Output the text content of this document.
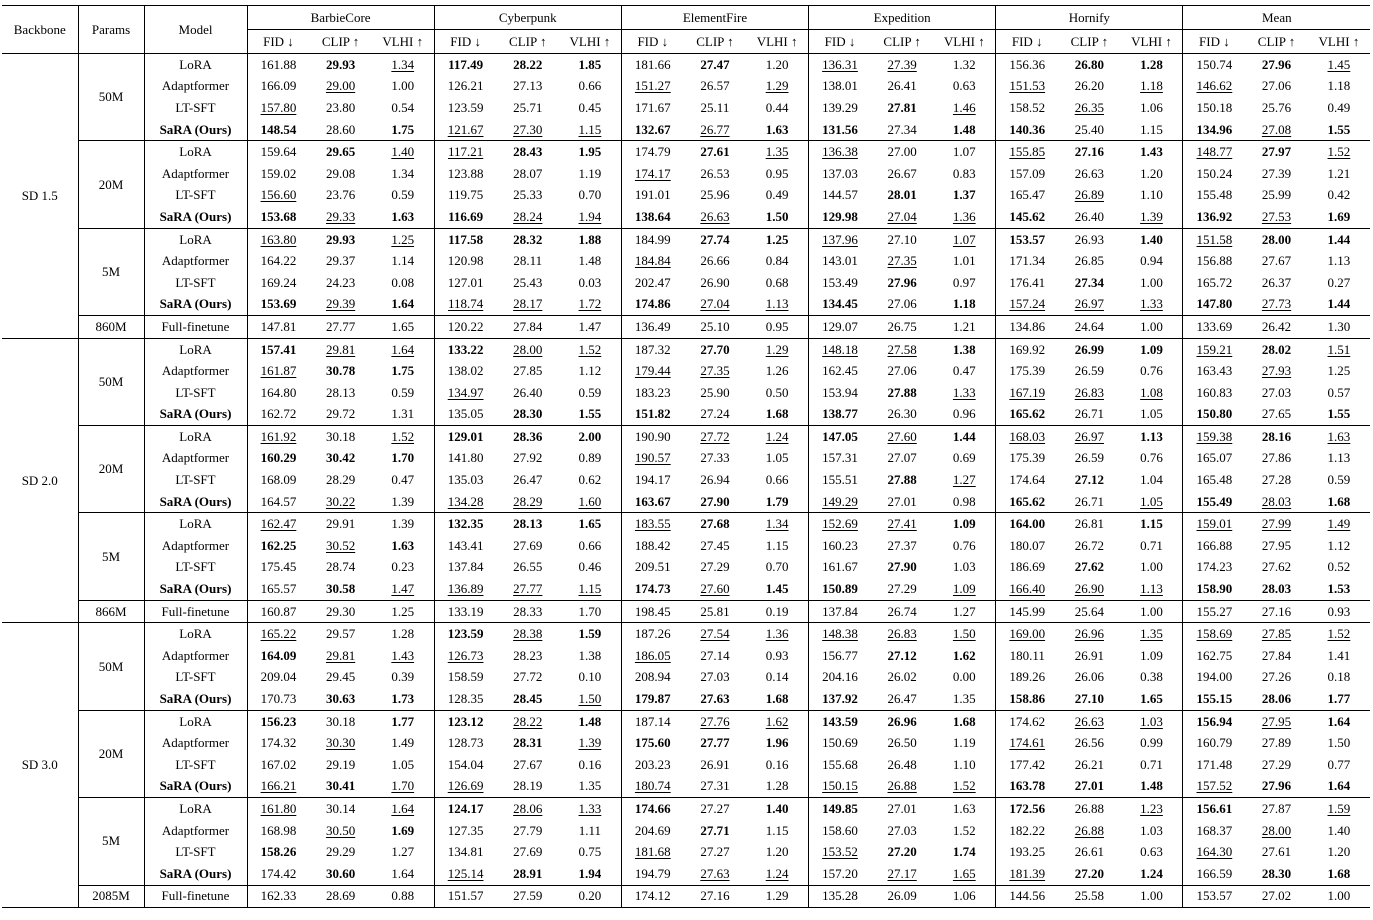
Backbone	Params	Model	BarbieCore			Cyberpunk			ElementFire			Expedition			Hornify			Mean		
			FID ↓	CLIP ↑	VLHI ↑	FID ↓	CLIP ↑	VLHI ↑	FID ↓	CLIP ↑	VLHI ↑	FID ↓	CLIP ↑	VLHI ↑	FID ↓	CLIP ↑	VLHI ↑	FID ↓	CLIP ↑	VLHI ↑
SD 1.5	50M	LoRA	161.88	29.93	1.34	117.49	28.22	1.85	181.66	27.47	1.20	136.31	27.39	1.32	156.36	26.80	1.28	150.74	27.96	1.45
		Adaptformer	166.09	29.00	1.00	126.21	27.13	0.66	151.27	26.57	1.29	138.01	26.41	0.63	151.53	26.20	1.18	146.62	27.06	1.18
		LT-SFT	157.80	23.80	0.54	123.59	25.71	0.45	171.67	25.11	0.44	139.29	27.81	1.46	158.52	26.35	1.06	150.18	25.76	0.49
		SaRA (Ours)	148.54	28.60	1.75	121.67	27.30	1.15	132.67	26.77	1.63	131.56	27.34	1.48	140.36	25.40	1.15	134.96	27.08	1.55
	20M	LoRA	159.64	29.65	1.40	117.21	28.43	1.95	174.79	27.61	1.35	136.38	27.00	1.07	155.85	27.16	1.43	148.77	27.97	1.52
		Adaptformer	159.02	29.08	1.34	123.88	28.07	1.19	174.17	26.53	0.95	137.03	26.67	0.83	157.09	26.63	1.20	150.24	27.39	1.21
		LT-SFT	156.60	23.76	0.59	119.75	25.33	0.70	191.01	25.96	0.49	144.57	28.01	1.37	165.47	26.89	1.10	155.48	25.99	0.42
		SaRA (Ours)	153.68	29.33	1.63	116.69	28.24	1.94	138.64	26.63	1.50	129.98	27.04	1.36	145.62	26.40	1.39	136.92	27.53	1.69
	5M	LoRA	163.80	29.93	1.25	117.58	28.32	1.88	184.99	27.74	1.25	137.96	27.10	1.07	153.57	26.93	1.40	151.58	28.00	1.44
		Adaptformer	164.22	29.37	1.14	120.98	28.11	1.48	184.84	26.66	0.84	143.01	27.35	1.01	171.34	26.85	0.94	156.88	27.67	1.13
		LT-SFT	169.24	24.23	0.08	127.01	25.43	0.03	202.47	26.90	0.68	153.49	27.96	0.97	176.41	27.34	1.00	165.72	26.37	0.27
		SaRA (Ours)	153.69	29.39	1.64	118.74	28.17	1.72	174.86	27.04	1.13	134.45	27.06	1.18	157.24	26.97	1.33	147.80	27.73	1.44
	860M	Full-finetune	147.81	27.77	1.65	120.22	27.84	1.47	136.49	25.10	0.95	129.07	26.75	1.21	134.86	24.64	1.00	133.69	26.42	1.30
SD 2.0	50M	LoRA	157.41	29.81	1.64	133.22	28.00	1.52	187.32	27.70	1.29	148.18	27.58	1.38	169.92	26.99	1.09	159.21	28.02	1.51
		Adaptformer	161.87	30.78	1.75	138.02	27.85	1.12	179.44	27.35	1.26	162.45	27.06	0.47	175.39	26.59	0.76	163.43	27.93	1.25
		LT-SFT	164.80	28.13	0.59	134.97	26.40	0.59	183.23	25.90	0.50	153.94	27.88	1.33	167.19	26.83	1.08	160.83	27.03	0.57
		SaRA (Ours)	162.72	29.72	1.31	135.05	28.30	1.55	151.82	27.24	1.68	138.77	26.30	0.96	165.62	26.71	1.05	150.80	27.65	1.55
	20M	LoRA	161.92	30.18	1.52	129.01	28.36	2.00	190.90	27.72	1.24	147.05	27.60	1.44	168.03	26.97	1.13	159.38	28.16	1.63
		Adaptformer	160.29	30.42	1.70	141.80	27.92	0.89	190.57	27.33	1.05	157.31	27.07	0.69	175.39	26.59	0.76	165.07	27.86	1.13
		LT-SFT	168.09	28.29	0.47	135.03	26.47	0.62	194.17	26.94	0.66	155.51	27.88	1.27	174.64	27.12	1.04	165.48	27.28	0.59
		SaRA (Ours)	164.57	30.22	1.39	134.28	28.29	1.60	163.67	27.90	1.79	149.29	27.01	0.98	165.62	26.71	1.05	155.49	28.03	1.68
	5M	LoRA	162.47	29.91	1.39	132.35	28.13	1.65	183.55	27.68	1.34	152.69	27.41	1.09	164.00	26.81	1.15	159.01	27.99	1.49
		Adaptformer	162.25	30.52	1.63	143.41	27.69	0.66	188.42	27.45	1.15	160.23	27.37	0.76	180.07	26.72	0.71	166.88	27.95	1.12
		LT-SFT	175.45	28.74	0.23	137.84	26.55	0.46	209.51	27.29	0.70	161.67	27.90	1.03	186.69	27.62	1.00	174.23	27.62	0.52
		SaRA (Ours)	165.57	30.58	1.47	136.89	27.77	1.15	174.73	27.60	1.45	150.89	27.29	1.09	166.40	26.90	1.13	158.90	28.03	1.53
	866M	Full-finetune	160.87	29.30	1.25	133.19	28.33	1.70	198.45	25.81	0.19	137.84	26.74	1.27	145.99	25.64	1.00	155.27	27.16	0.93
SD 3.0	50M	LoRA	165.22	29.57	1.28	123.59	28.38	1.59	187.26	27.54	1.36	148.38	26.83	1.50	169.00	26.96	1.35	158.69	27.85	1.52
		Adaptformer	164.09	29.81	1.43	126.73	28.23	1.38	186.05	27.14	0.93	156.77	27.12	1.62	180.11	26.91	1.09	162.75	27.84	1.41
		LT-SFT	209.04	29.45	0.39	158.59	27.72	0.10	208.94	27.03	0.14	204.16	26.02	0.00	189.26	26.06	0.38	194.00	27.26	0.18
		SaRA (Ours)	170.73	30.63	1.73	128.35	28.45	1.50	179.87	27.63	1.68	137.92	26.47	1.35	158.86	27.10	1.65	155.15	28.06	1.77
	20M	LoRA	156.23	30.18	1.77	123.12	28.22	1.48	187.14	27.76	1.62	143.59	26.96	1.68	174.62	26.63	1.03	156.94	27.95	1.64
		Adaptformer	174.32	30.30	1.49	128.73	28.31	1.39	175.60	27.77	1.96	150.69	26.50	1.19	174.61	26.56	0.99	160.79	27.89	1.50
		LT-SFT	167.02	29.19	1.05	154.04	27.67	0.16	203.23	26.91	0.16	155.68	26.48	1.10	177.42	26.21	0.71	171.48	27.29	0.77
		SaRA (Ours)	166.21	30.41	1.70	126.69	28.19	1.35	180.74	27.31	1.28	150.15	26.88	1.52	163.78	27.01	1.48	157.52	27.96	1.64
	5M	LoRA	161.80	30.14	1.64	124.17	28.06	1.33	174.66	27.27	1.40	149.85	27.01	1.63	172.56	26.88	1.23	156.61	27.87	1.59
		Adaptformer	168.98	30.50	1.69	127.35	27.79	1.11	204.69	27.71	1.15	158.60	27.03	1.52	182.22	26.88	1.03	168.37	28.00	1.40
		LT-SFT	158.26	29.29	1.27	134.81	27.69	0.75	181.68	27.27	1.20	153.52	27.20	1.74	193.25	26.61	0.63	164.30	27.61	1.20
		SaRA (Ours)	174.42	30.60	1.64	125.14	28.91	1.94	194.79	27.63	1.24	157.20	27.17	1.65	181.39	27.20	1.24	166.59	28.30	1.68
	2085M	Full-finetune	162.33	28.69	0.88	151.57	27.59	0.20	174.12	27.16	1.29	135.28	26.09	1.06	144.56	25.58	1.00	153.57	27.02	1.00
